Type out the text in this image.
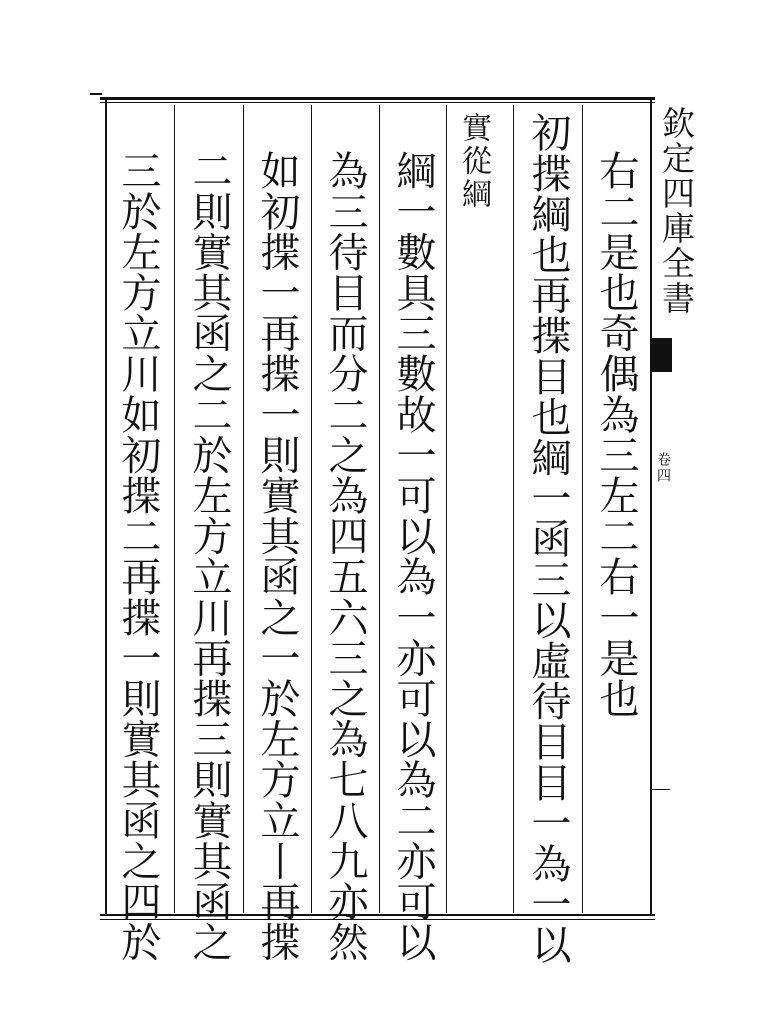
欽定四庫全書
卷四
右二是也奇偶為三左二右一是也
初揲綱也再揲目也綱一函三以虛待目目一為一以
實從綱
綱一數具三數故一可以為一亦可以為二亦可以
為三待目而分二之為四五六三之為七八九亦然
如初揲一再揲一則實其函之一於左方立丨再揲
二則實其函之二於左方立川再揲三則實其函之
三於左方立川如初揲二再揲一則實其函之四於
